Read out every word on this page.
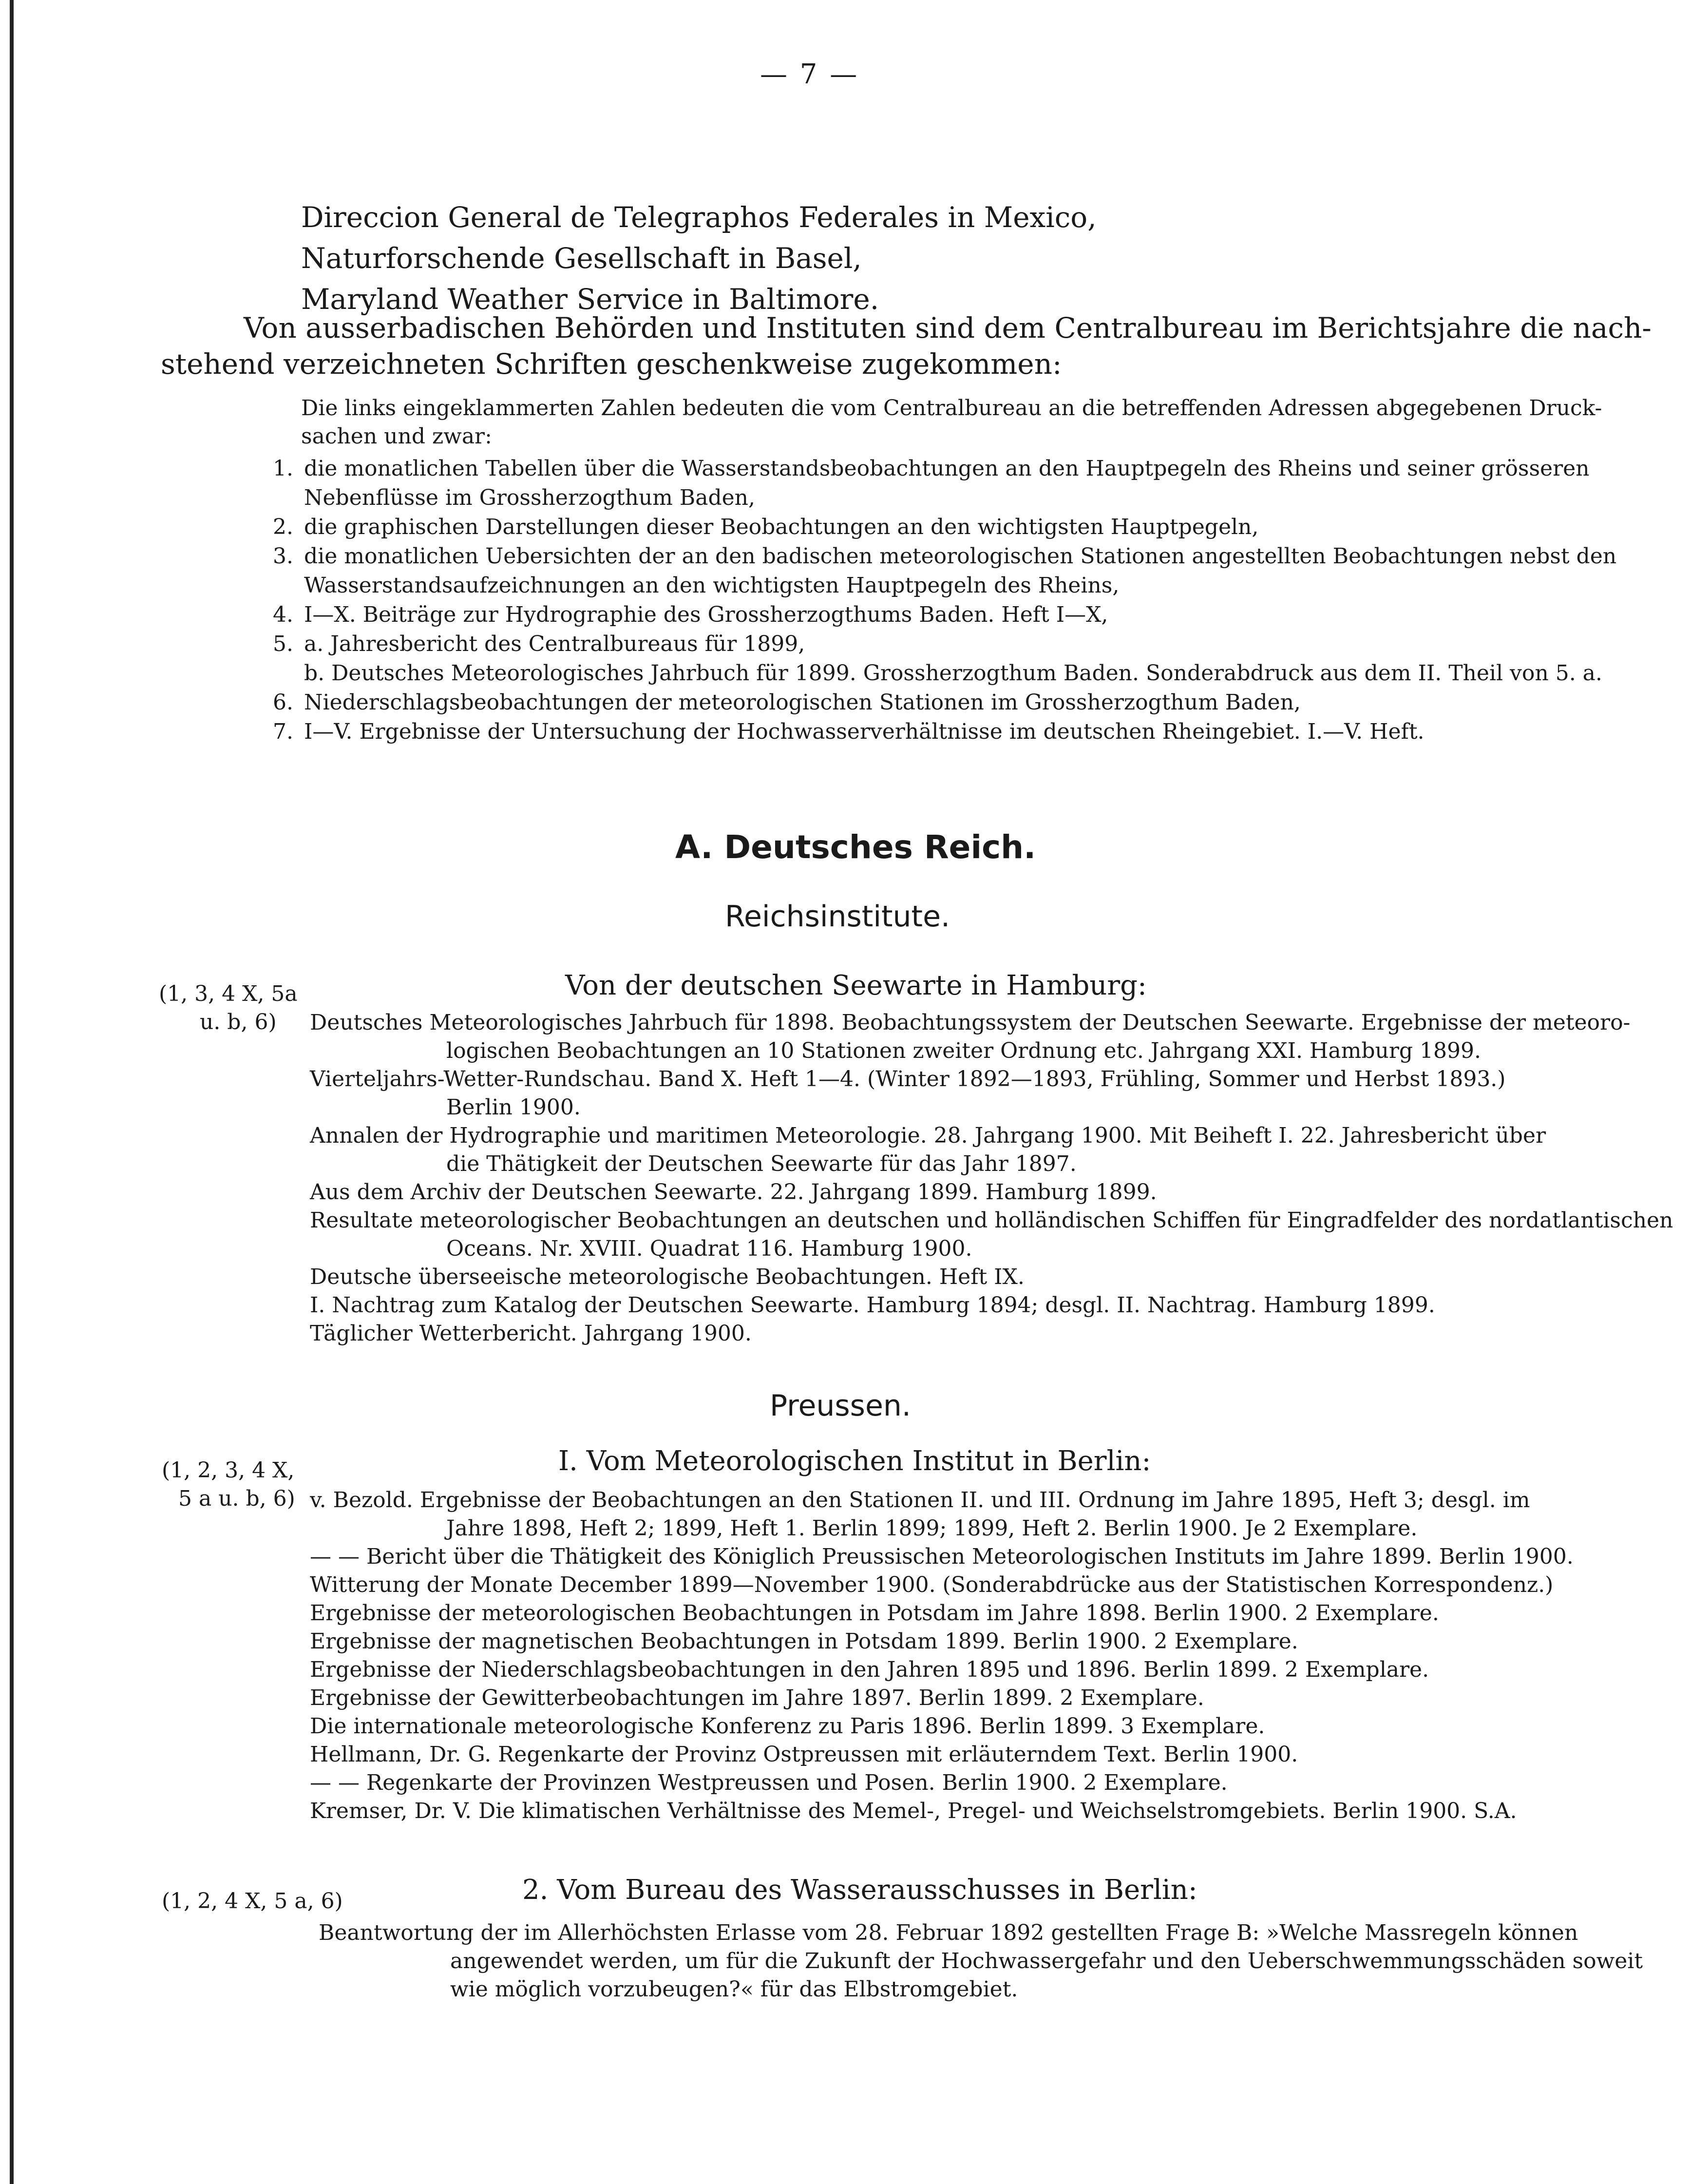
— 7 —
Direccion General de Telegraphos Federales in Mexico,
Naturforschende Gesellschaft in Basel,
Maryland Weather Service in Baltimore.
Von ausserbadischen Behörden und Instituten sind dem Centralbureau im Berichtsjahre die nach-
stehend verzeichneten Schriften geschenkweise zugekommen:
Die links eingeklammerten Zahlen bedeuten die vom Centralbureau an die betreffenden Adressen abgegebenen Druck-
sachen und zwar:
1. die monatlichen Tabellen über die Wasserstandsbeobachtungen an den Hauptpegeln des Rheins und seiner grösseren
Nebenflüsse im Grossherzogthum Baden,
2. die graphischen Darstellungen dieser Beobachtungen an den wichtigsten Hauptpegeln,
3. die monatlichen Uebersichten der an den badischen meteorologischen Stationen angestellten Beobachtungen nebst den
Wasserstandsaufzeichnungen an den wichtigsten Hauptpegeln des Rheins,
4. I—X. Beiträge zur Hydrographie des Grossherzogthums Baden. Heft I—X,
5. a. Jahresbericht des Centralbureaus für 1899,
b. Deutsches Meteorologisches Jahrbuch für 1899. Grossherzogthum Baden. Sonderabdruck aus dem II. Theil von 5. a.
6. Niederschlagsbeobachtungen der meteorologischen Stationen im Grossherzogthum Baden,
7. I—V. Ergebnisse der Untersuchung der Hochwasserverhältnisse im deutschen Rheingebiet. I.—V. Heft.
A. Deutsches Reich.
Reichsinstitute.
(1, 3, 4 X, 5a
u. b, 6)
Von der deutschen Seewarte in Hamburg:
Deutsches Meteorologisches Jahrbuch für 1898. Beobachtungssystem der Deutschen Seewarte. Ergebnisse der meteoro-
logischen Beobachtungen an 10 Stationen zweiter Ordnung etc. Jahrgang XXI. Hamburg 1899.
Vierteljahrs-Wetter-Rundschau. Band X. Heft 1—4. (Winter 1892—1893, Frühling, Sommer und Herbst 1893.)
Berlin 1900.
Annalen der Hydrographie und maritimen Meteorologie. 28. Jahrgang 1900. Mit Beiheft I. 22. Jahresbericht über
die Thätigkeit der Deutschen Seewarte für das Jahr 1897.
Aus dem Archiv der Deutschen Seewarte. 22. Jahrgang 1899. Hamburg 1899.
Resultate meteorologischer Beobachtungen an deutschen und holländischen Schiffen für Eingradfelder des nordatlantischen
Oceans. Nr. XVIII. Quadrat 116. Hamburg 1900.
Deutsche überseeische meteorologische Beobachtungen. Heft IX.
I. Nachtrag zum Katalog der Deutschen Seewarte. Hamburg 1894; desgl. II. Nachtrag. Hamburg 1899.
Täglicher Wetterbericht. Jahrgang 1900.
Preussen.
(1, 2, 3, 4 X,
5 a u. b, 6)
I. Vom Meteorologischen Institut in Berlin:
v. Bezold. Ergebnisse der Beobachtungen an den Stationen II. und III. Ordnung im Jahre 1895, Heft 3; desgl. im
Jahre 1898, Heft 2; 1899, Heft 1. Berlin 1899; 1899, Heft 2. Berlin 1900. Je 2 Exemplare.
— — Bericht über die Thätigkeit des Königlich Preussischen Meteorologischen Instituts im Jahre 1899. Berlin 1900.
Witterung der Monate December 1899—November 1900. (Sonderabdrücke aus der Statistischen Korrespondenz.)
Ergebnisse der meteorologischen Beobachtungen in Potsdam im Jahre 1898. Berlin 1900. 2 Exemplare.
Ergebnisse der magnetischen Beobachtungen in Potsdam 1899. Berlin 1900. 2 Exemplare.
Ergebnisse der Niederschlagsbeobachtungen in den Jahren 1895 und 1896. Berlin 1899. 2 Exemplare.
Ergebnisse der Gewitterbeobachtungen im Jahre 1897. Berlin 1899. 2 Exemplare.
Die internationale meteorologische Konferenz zu Paris 1896. Berlin 1899. 3 Exemplare.
Hellmann, Dr. G. Regenkarte der Provinz Ostpreussen mit erläuterndem Text. Berlin 1900.
— — Regenkarte der Provinzen Westpreussen und Posen. Berlin 1900. 2 Exemplare.
Kremser, Dr. V. Die klimatischen Verhältnisse des Memel-, Pregel- und Weichselstromgebiets. Berlin 1900. S.A.
(1, 2, 4 X, 5 a, 6)	2. Vom Bureau des Wasserausschusses in Berlin:
Beantwortung der im Allerhöchsten Erlasse vom 28. Februar 1892 gestellten Frage B: »Welche Massregeln können
angewendet werden, um für die Zukunft der Hochwassergefahr und den Ueberschwemmungsschäden soweit
wie möglich vorzubeugen?« für das Elbstromgebiet.
